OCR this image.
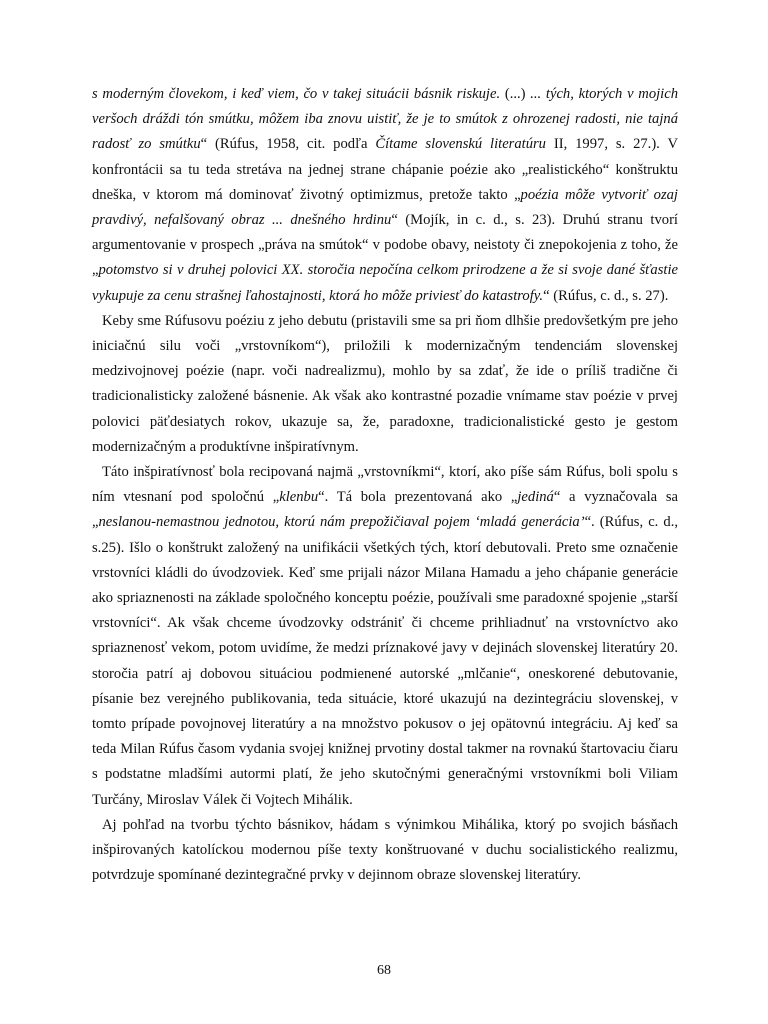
s moderným človekom, i keď viem, čo v takej situácii básnik riskuje. (...) ... tých, ktorých v mojich veršoch dráždi tón smútku, môžem iba znovu uistiť, že je to smútok z ohrozenej radosti, nie tajná radosť zo smútku“ (Rúfus, 1958, cit. podľa Čítame slovenskú literatúru II, 1997, s. 27.). V konfrontácii sa tu teda stretáva na jednej strane chápanie poézie ako „realistického“ konštruktu dneška, v ktorom má dominovať životný optimizmus, pretože takto „poézia môže vytvoriť ozaj pravdivý, nefalšovaný obraz ... dnešného hrdinu“ (Mojík, in c. d., s. 23). Druhú stranu tvorí argumentovanie v prospech „práva na smútok“ v podobe obavy, neistoty či znepokojenia z toho, že „potomstvo si v druhej polovici XX. storočia nepočína celkom prirodzene a že si svoje dané šťastie vykupuje za cenu strašnej ľahostajnosti, ktorá ho môže priviesť do katastrofy.“ (Rúfus, c. d., s. 27).

Keby sme Rúfusovu poéziu z jeho debutu (pristavili sme sa pri ňom dlhšie predovšetkým pre jeho iniciačnú silu voči „vrstovníkom“), priložili k modernizačným tendenciám slovenskej medzivojnovej poézie (napr. voči nadrealizmu), mohlo by sa zdať, že ide o príliš tradične či tradicionalisticky založené básnenie. Ak však ako kontrastné pozadie vnímame stav poézie v prvej polovici päťdesiatych rokov, ukazuje sa, že, paradoxne, tradicionalistické gesto je gestom modernizačným a produktívne inšpiratívnym.

Táto inšpiratívnosť bola recipovaná najmä „vrstovníkmi“, ktorí, ako píše sám Rúfus, boli spolu s ním vtesnaní pod spoločnú „klenbu“. Tá bola prezentovaná ako „jediná“ a vyznačovala sa „neslanou-nemastnou jednotou, ktorú nám prepožičiaval pojem ‘mladá generácia’“. (Rúfus, c. d., s.25). Išlo o konštrukt založený na unifikácii všetkých tých, ktorí debutovali. Preto sme označenie vrstovníci kládli do úvodzoviek. Keď sme prijali názor Milana Hamadu a jeho chápanie generácie ako spriaznenosti na základe spoločného konceptu poézie, používali sme paradoxné spojenie „starší vrstovníci“. Ak však chceme úvodzovky odstrániť či chceme prihliadnuť na vrstovníctvo ako spriaznenosť vekom, potom uvidíme, že medzi príznakové javy v dejinách slovenskej literatúry 20. storočia patrí aj dobovou situáciou podmienené autorské „mlčanie“, oneskorené debutovanie, písanie bez verejného publikovania, teda situácie, ktoré ukazujú na dezintegráciu slovenskej, v tomto prípade povojnovej literatúry a na množstvo pokusov o jej opätovnú integráciu. Aj keď sa teda Milan Rúfus časom vydania svojej knižnej prvotiny dostal takmer na rovnakú štartovaciu čiaru s podstatne mladšími autormi platí, že jeho skutočnými generačnými vrstovníkmi boli Viliam Turčány, Miroslav Válek či Vojtech Mihálik.

Aj pohľad na tvorbu týchto básnikov, hádam s výnimkou Mihálika, ktorý po svojich básňach inšpirovaných katolíckou modernou píše texty konštruované v duchu socialistického realizmu, potvrdzuje spomínané dezintegračné prvky v dejinnom obraze slovenskej literatúry.

68
